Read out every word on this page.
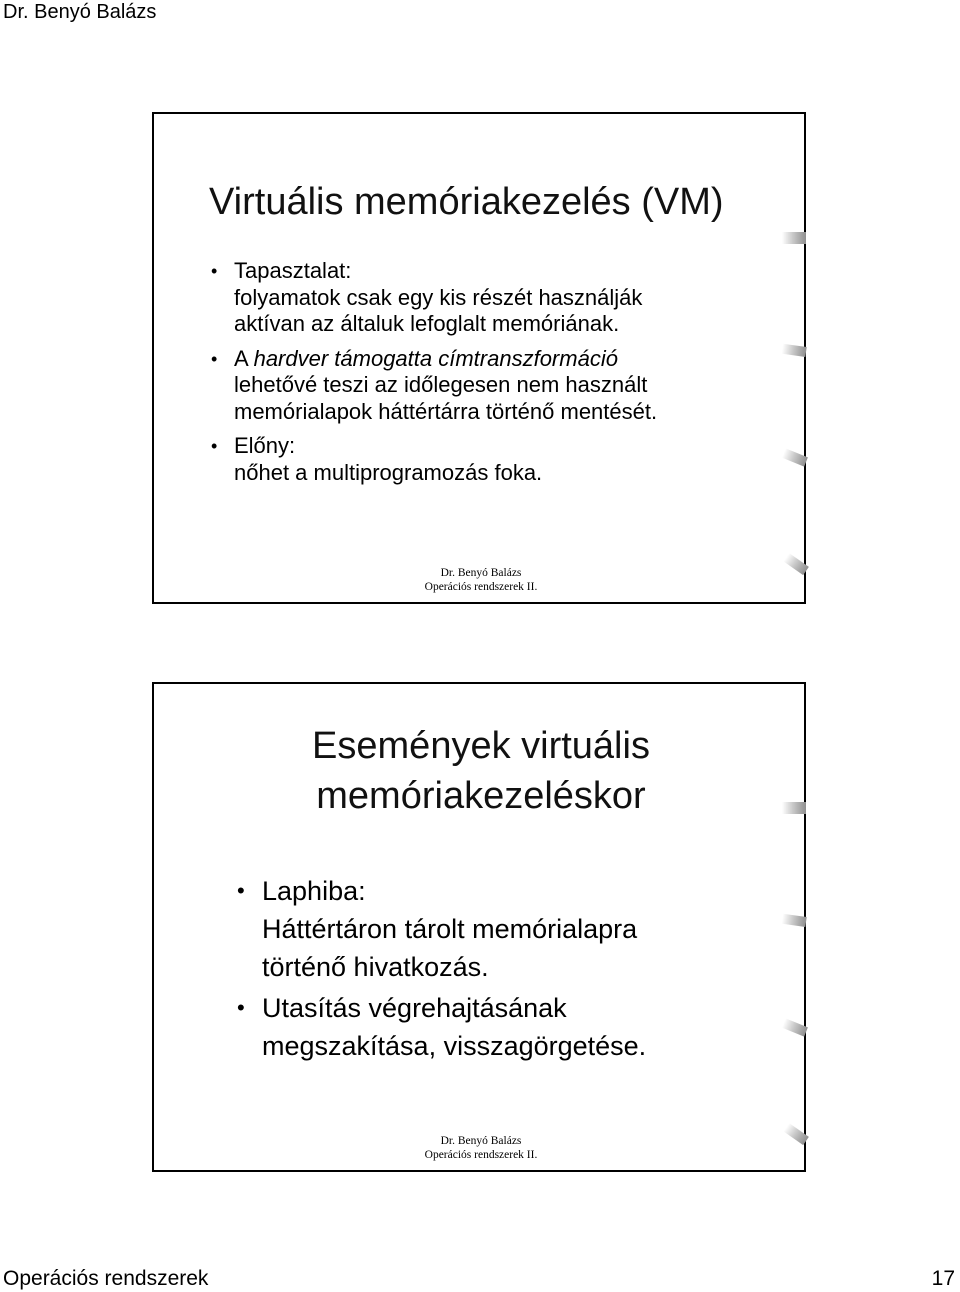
Dr. Benyó Balázs
Virtuális memóriakezelés (VM)
• Tapasztalat:
folyamatok csak egy kis részét használják
aktívan az általuk lefoglalt memóriának.
• A hardver támogatta címtranszformáció
lehetővé teszi az időlegesen nem használt
memórialapok háttértárra történő mentését.
• Előny:
nőhet a multiprogramozás foka.
Dr. Benyó Balázs
Operációs rendszerek II.
Események virtuális
memóriakezeléskor
• Laphiba:
Háttértáron tárolt memórialapra
történő hivatkozás.
• Utasítás végrehajtásának
megszakítása, visszagörgetése.
Dr. Benyó Balázs
Operációs rendszerek II.
Operációs rendszerek	17
